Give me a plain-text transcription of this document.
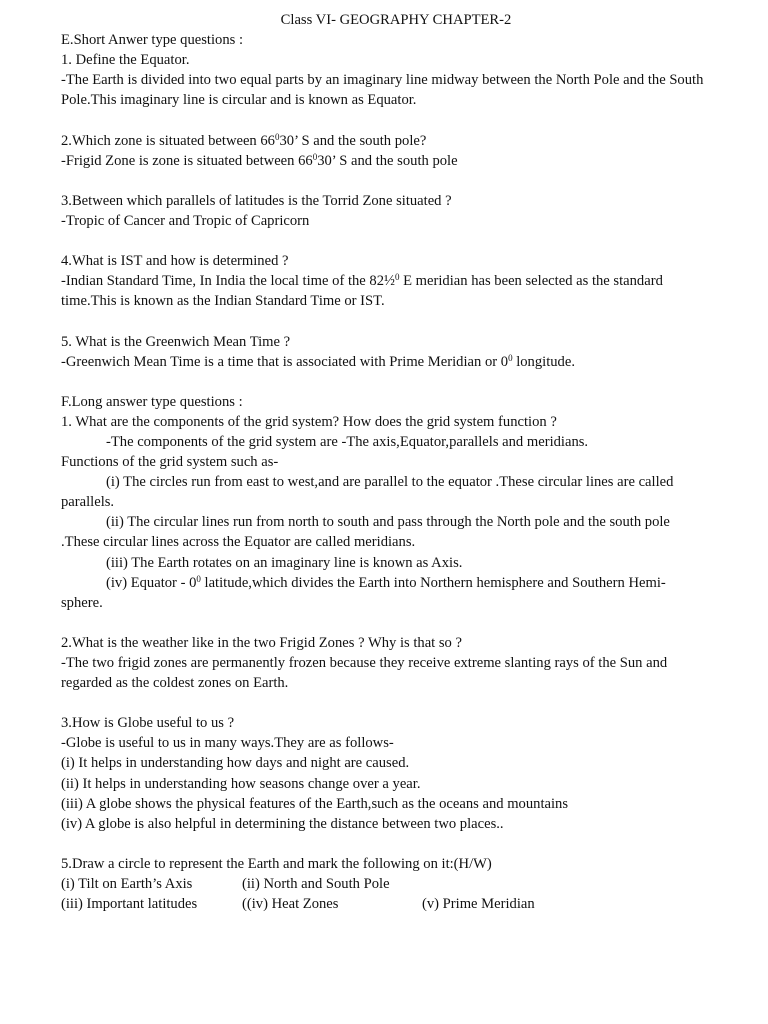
Class VI- GEOGRAPHY CHAPTER-2
E.Short Anwer type questions :
1. Define the Equator.
-The Earth is divided into two equal parts by an imaginary line midway between the North Pole and the South Pole.This imaginary line is circular and is known as Equator.
2.Which zone is situated between $66^030$’ S and the south pole?
-Frigid Zone is zone is situated between $66^030$’ S and the south pole
3.Between which parallels of latitudes is the Torrid Zone situated ?
-Tropic of Cancer and Tropic of Capricorn
4.What is IST and how is determined ?
-Indian Standard Time, In India the local time of the 82½$^0$ E meridian has been selected as the standard time.This is known as the Indian Standard Time or IST.
5. What is the Greenwich Mean Time ?
-Greenwich Mean Time is a time that is associated with Prime Meridian or $0^0$ longitude.
F.Long answer type questions :
1. What are the components of the grid system? How does the grid system function ?
-The components of the grid system are -The axis,Equator,parallels and meridians.
Functions of the grid system such as-
(i) The circles run from east to west,and are parallel to the equator .These circular lines are called
parallels.
(ii) The circular lines run from north to south and pass through the North pole and the south pole
.These circular lines across the Equator are called meridians.
(iii) The Earth rotates on an imaginary line is known as Axis.
(iv) Equator - $0^0$ latitude,which divides the Earth into Northern hemisphere and Southern Hemi-
sphere.
2.What is the weather like in the two Frigid Zones ? Why is that so ?
-The two frigid zones are permanently frozen because they receive extreme slanting rays of the Sun and regarded as the coldest zones on Earth.
3.How is Globe useful to us ?
-Globe is useful to us in many ways.They are as follows-
(i) It helps in understanding how days and night are caused.
(ii) It helps in understanding how seasons change over a year.
(iii) A globe shows the physical features of the Earth,such as the oceans and mountains
(iv) A globe is also helpful in determining the distance between two places..
5.Draw a circle to represent the Earth and mark the following on it:(H/W)
(i) Tilt on Earth’s Axis	(ii) North and South Pole
(iii) Important latitudes	((iv) Heat Zones	(v) Prime Meridian
